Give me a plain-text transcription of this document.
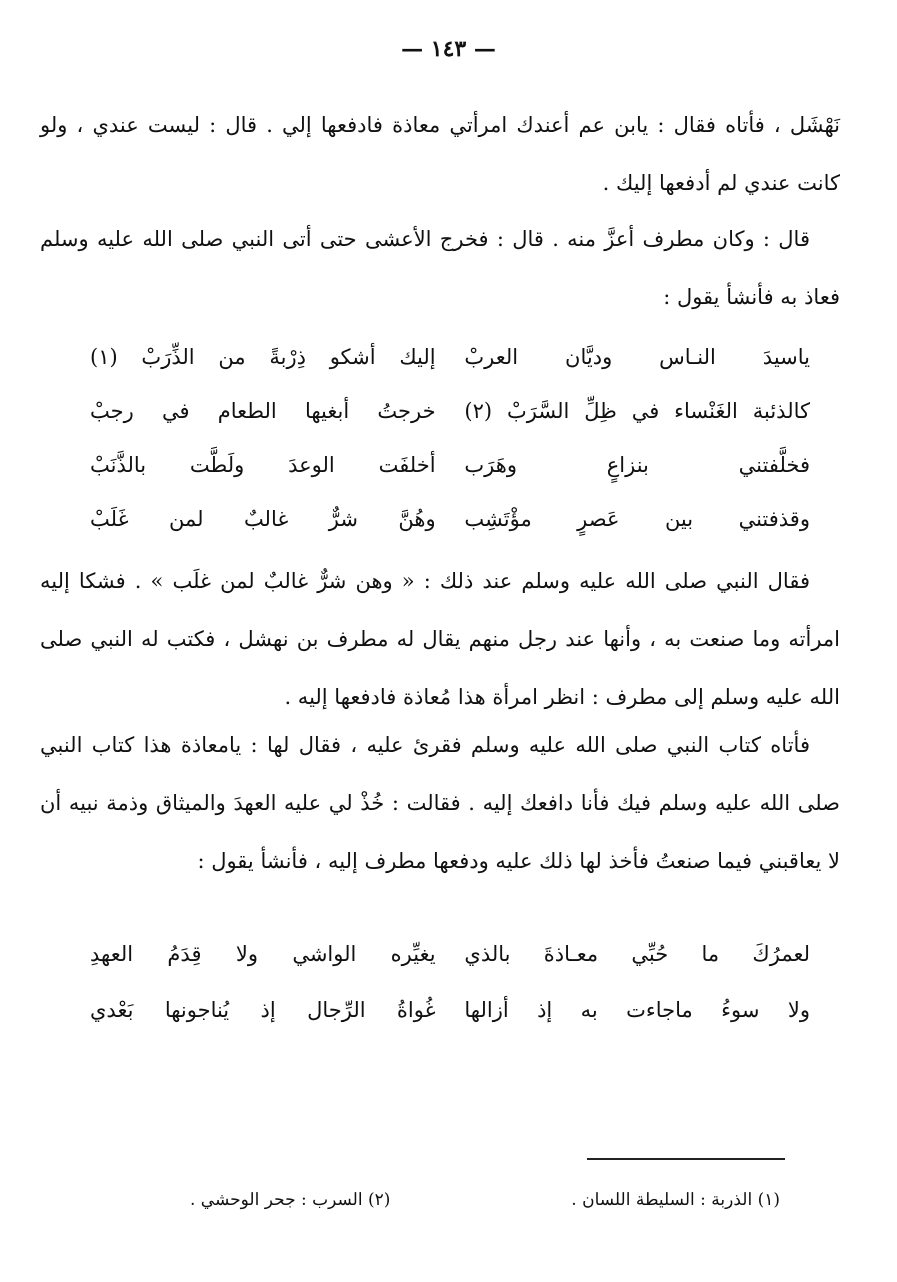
— ١٤٣ —

نَهْشَل ، فأتاه فقال : يابن عم أعندك امرأتي معاذة فادفعها إلي . قال : ليست عندي ، ولو كانت عندي لم أدفعها إليك .

قال : وكان مطرف أعزَّ منه . قال : فخرج الأعشى حتى أتى النبي صلى الله عليه وسلم فعاذ به فأنشأ يقول :

ياسيدَ النـاس وديَّان العربْ
إليك أشكو ذِرْبةً من الذِّرَبْ (١)
كالذئبة الغَنْساء في ظِلِّ السَّرَبْ (٢)
خرجتُ أبغيها الطعام في رجبْ
فخلَّفتني بنزاعٍ وهَرَب
أخلفَت الوعدَ ولَطَّت بالذَّنَبْ
وقذفتني بين عَصرٍ مؤْتَشِب
وهُنَّ شرٌّ غالبٌ لمن غَلَبْ

فقال النبي صلى الله عليه وسلم عند ذلك : « وهن شرٌّ غالبٌ لمن غلَب » . فشكا إليه امرأته وما صنعت به ، وأنها عند رجل منهم يقال له مطرف بن نهشل ، فكتب له النبي صلى الله عليه وسلم إلى مطرف : انظر امرأة هذا مُعاذة فادفعها إليه .

فأتاه كتاب النبي صلى الله عليه وسلم فقرئ عليه ، فقال لها : يامعاذة هذا كتاب النبي صلى الله عليه وسلم فيك فأنا دافعك إليه . فقالت : خُذْ لي عليه العهدَ والميثاق وذمة نبيه أن لا يعاقبني فيما صنعتُ فأخذ لها ذلك عليه ودفعها مطرف إليه ، فأنشأ يقول :

لعمرُكَ ما حُبِّي معـاذةَ بالذي
يغيِّره الواشي ولا قِدَمُ العهدِ
ولا سوءُ ماجاءت به إذ أزالها
غُواةُ الرِّجال إذ يُناجونها بَعْدي
(١) الذربة : السليطة اللسان .
(٢) السرب : جحر الوحشي .
